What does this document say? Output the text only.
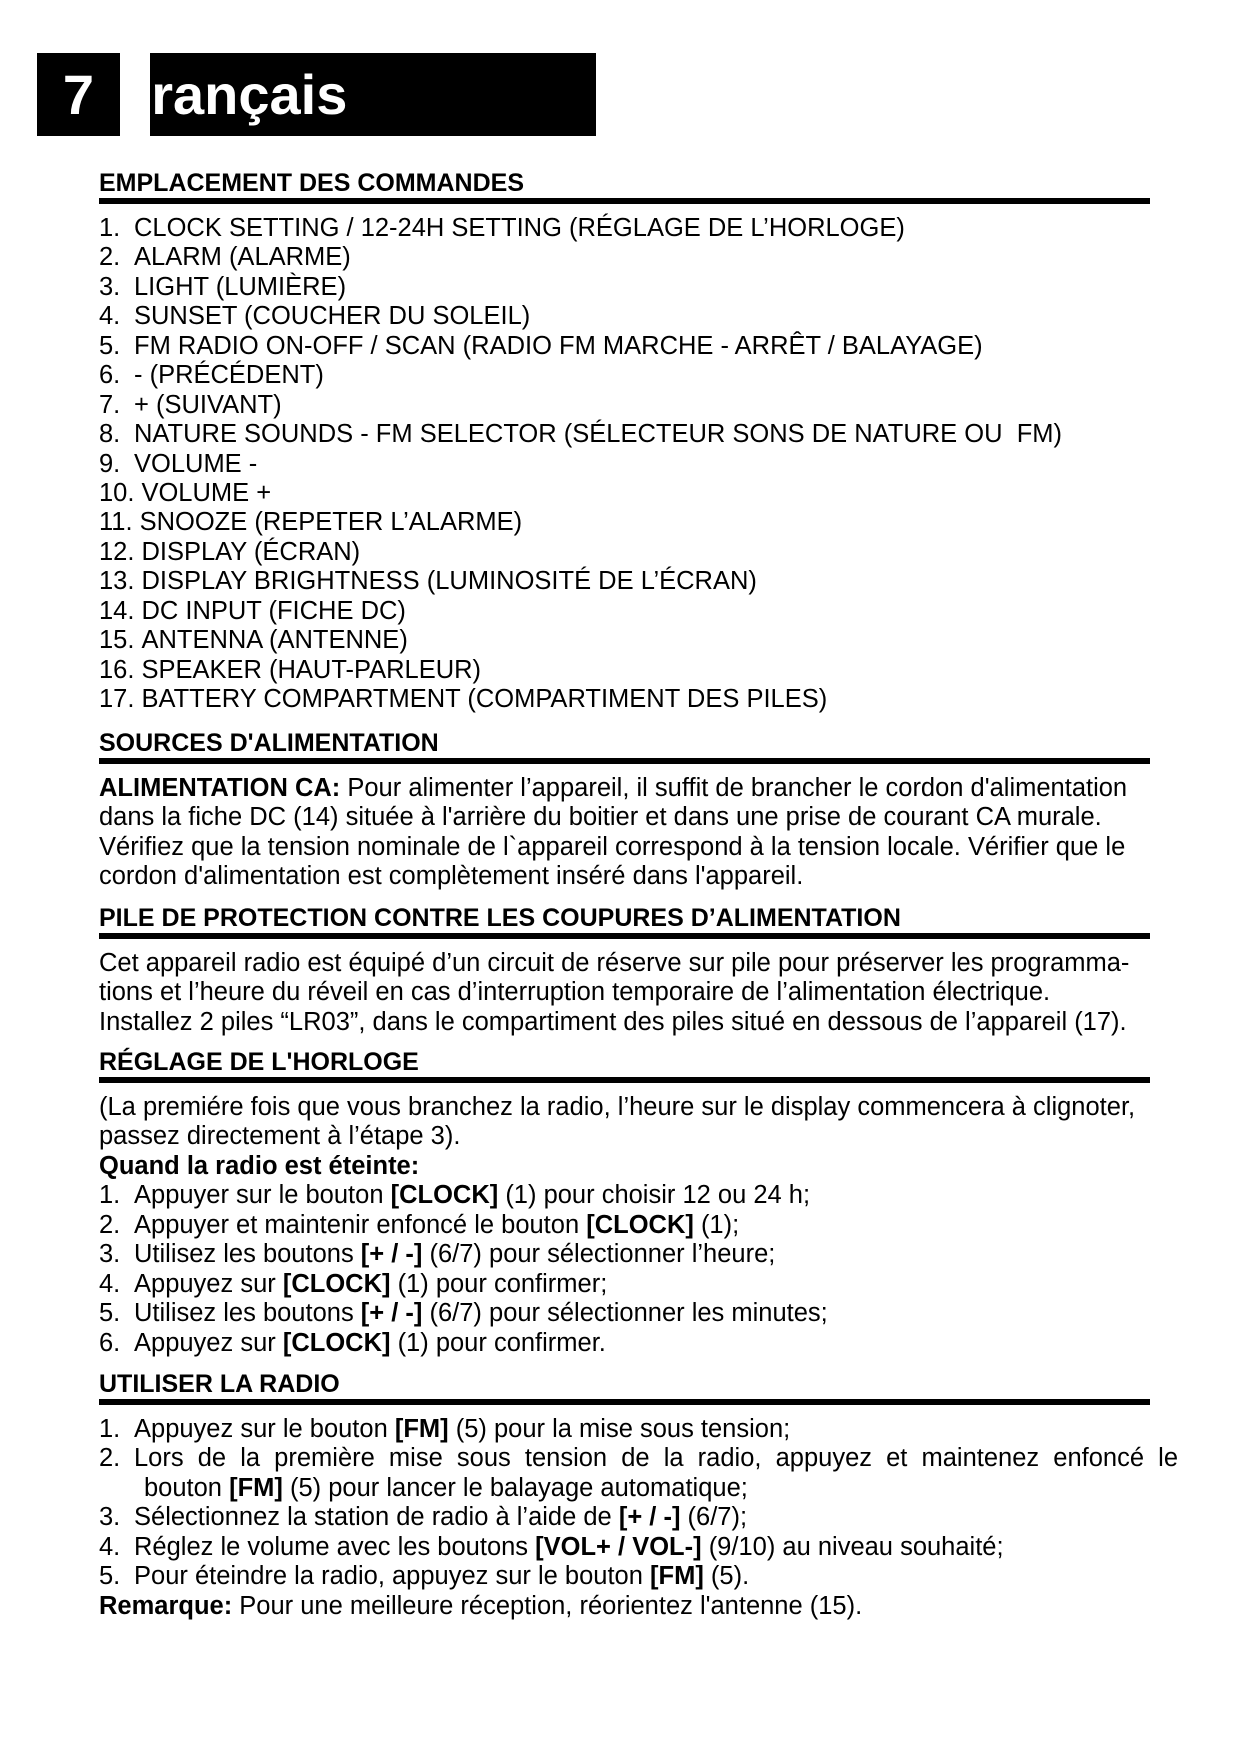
7 Français
EMPLACEMENT DES COMMANDES
1. CLOCK SETTING / 12-24H SETTING (RÉGLAGE DE L’HORLOGE)
2. ALARM (ALARME)
3. LIGHT (LUMIÈRE)
4. SUNSET (COUCHER DU SOLEIL)
5. FM RADIO ON-OFF / SCAN (RADIO FM MARCHE - ARRÊT / BALAYAGE)
6. - (PRÉCÉDENT)
7. + (SUIVANT)
8. NATURE SOUNDS - FM SELECTOR (SÉLECTEUR SONS DE NATURE OU  FM)
9. VOLUME -
10. VOLUME +
11. SNOOZE (REPETER L’ALARME)
12. DISPLAY (ÉCRAN)
13. DISPLAY BRIGHTNESS (LUMINOSITÉ DE L’ÉCRAN)
14. DC INPUT (FICHE DC)
15. ANTENNA (ANTENNE)
16. SPEAKER (HAUT-PARLEUR)
17. BATTERY COMPARTMENT (COMPARTIMENT DES PILES)
SOURCES D'ALIMENTATION
ALIMENTATION CA: Pour alimenter l’appareil, il suffit de brancher le cordon d'alimentation
dans la fiche DC (14) située à l'arrière du boitier et dans une prise de courant CA murale.
Vérifiez que la tension nominale de l`appareil correspond à la tension locale. Vérifier que le
cordon d'alimentation est complètement inséré dans l'appareil.
PILE DE PROTECTION CONTRE LES COUPURES D’ALIMENTATION
Cet appareil radio est équipé d’un circuit de réserve sur pile pour préserver les programma-
tions et l’heure du réveil en cas d’interruption temporaire de l’alimentation électrique.
Installez 2 piles “LR03”, dans le compartiment des piles situé en dessous de l’appareil (17).
RÉGLAGE DE L'HORLOGE
(La premiére fois que vous branchez la radio, l’heure sur le display commencera à clignoter,
passez directement à l’étape 3).
Quand la radio est éteinte:
1. Appuyer sur le bouton [CLOCK] (1) pour choisir 12 ou 24 h;
2. Appuyer et maintenir enfoncé le bouton [CLOCK] (1);
3. Utilisez les boutons [+ / -] (6/7) pour sélectionner l’heure;
4. Appuyez sur [CLOCK] (1) pour confirmer;
5. Utilisez les boutons [+ / -] (6/7) pour sélectionner les minutes;
6. Appuyez sur [CLOCK] (1) pour confirmer.
UTILISER LA RADIO
1. Appuyez sur le bouton [FM] (5) pour la mise sous tension;
2. Lors de la première mise sous tension de la radio, appuyez et maintenez enfoncé le
bouton [FM] (5) pour lancer le balayage automatique;
3. Sélectionnez la station de radio à l’aide de [+ / -] (6/7);
4. Réglez le volume avec les boutons [VOL+ / VOL-] (9/10) au niveau souhaité;
5. Pour éteindre la radio, appuyez sur le bouton [FM] (5).
Remarque: Pour une meilleure réception, réorientez l'antenne (15).
